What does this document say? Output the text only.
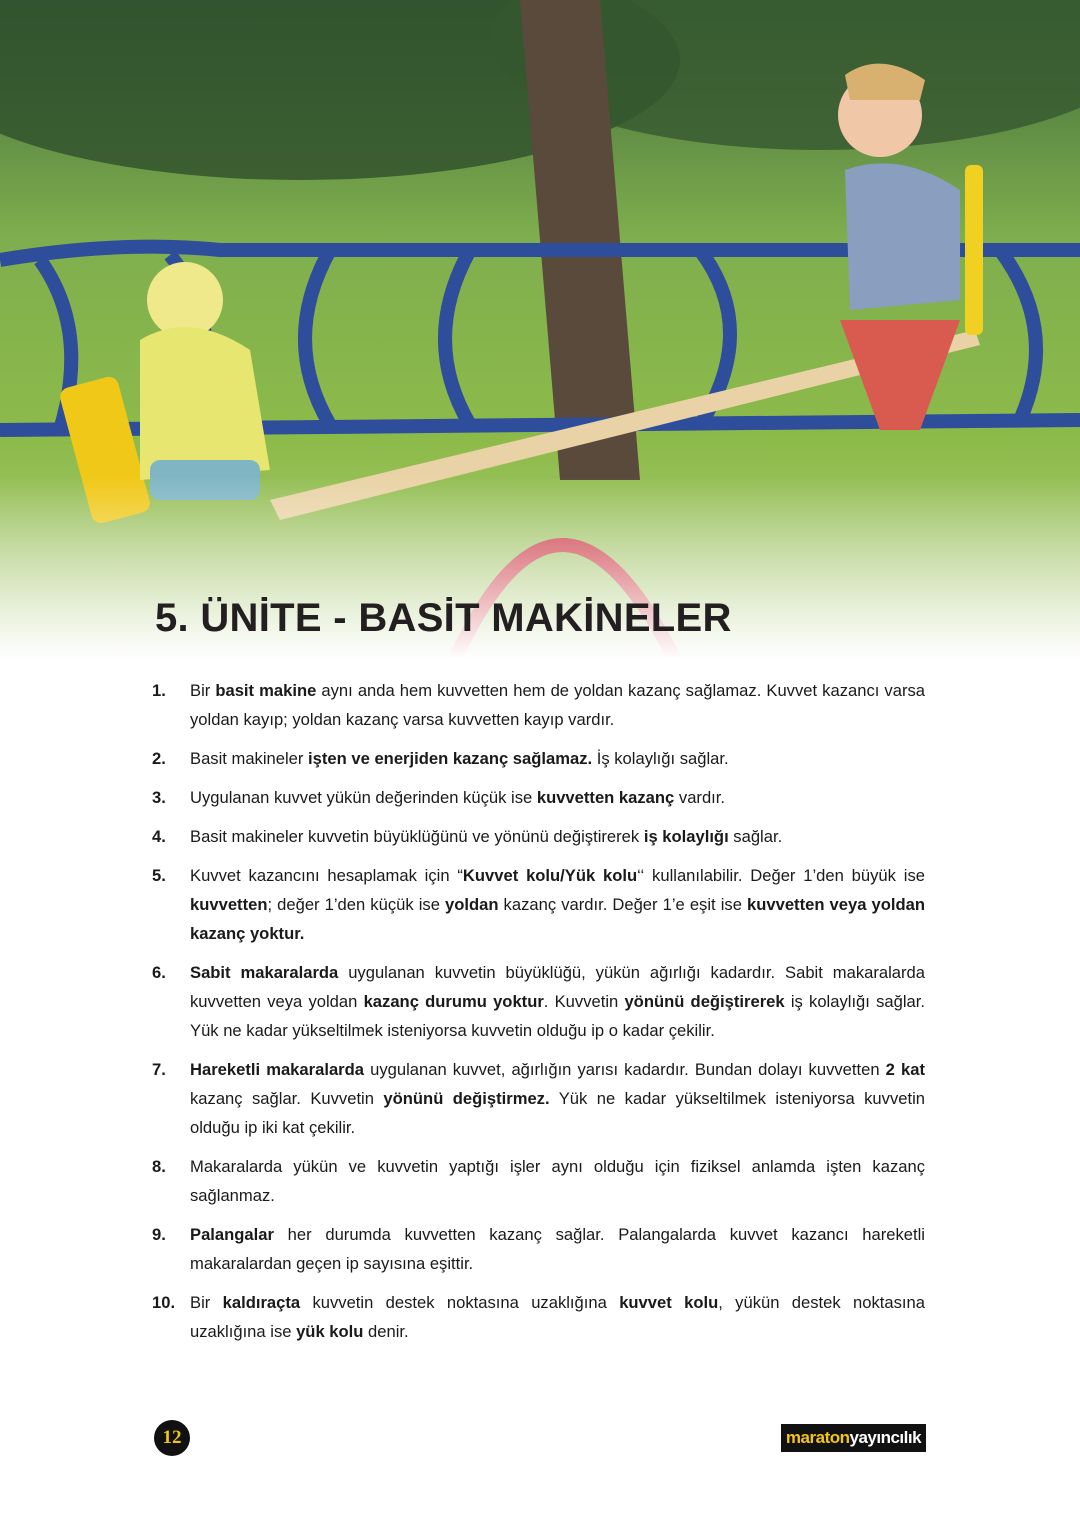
5. ÜNİTE - BASİT MAKİNELER
1.	Bir basit makine aynı anda hem kuvvetten hem de yoldan kazanç sağlamaz. Kuvvet kazancı varsa yoldan kayıp; yoldan kazanç varsa kuvvetten kayıp vardır.
2.	Basit makineler işten ve enerjiden kazanç sağlamaz. İş kolaylığı sağlar.
3.	Uygulanan kuvvet yükün değerinden küçük ise kuvvetten kazanç vardır.
4.	Basit makineler kuvvetin büyüklüğünü ve yönünü değiştirerek iş kolaylığı sağlar.
5.	Kuvvet kazancını hesaplamak için “Kuvvet kolu/Yük kolu‘‘ kullanılabilir. Değer 1’den büyük ise kuvvetten; değer 1’den küçük ise yoldan kazanç vardır. Değer 1’e eşit ise kuvvetten veya yoldan kazanç yoktur.
6.	Sabit makaralarda uygulanan kuvvetin büyüklüğü, yükün ağırlığı kadardır. Sabit makaralarda kuvvetten veya yoldan kazanç durumu yoktur. Kuvvetin yönünü değiştirerek iş kolaylığı sağlar. Yük ne kadar yükseltilmek isteniyorsa kuvvetin olduğu ip o kadar çekilir.
7.	Hareketli makaralarda uygulanan kuvvet, ağırlığın yarısı kadardır. Bundan dolayı kuvvetten 2 kat kazanç sağlar. Kuvvetin yönünü değiştirmez. Yük ne kadar yükseltilmek isteniyorsa kuvvetin olduğu ip iki kat çekilir.
8.	Makaralarda yükün ve kuvvetin yaptığı işler aynı olduğu için fiziksel anlamda işten kazanç sağlanmaz.
9.	Palangalar her durumda kuvvetten kazanç sağlar. Palangalarda kuvvet kazancı hareketli makaralardan geçen ip sayısına eşittir.
10. Bir kaldıraçta kuvvetin destek noktasına uzaklığına kuvvet kolu, yükün destek noktasına uzaklığına ise yük kolu denir.
12	maraton yayıncılık
